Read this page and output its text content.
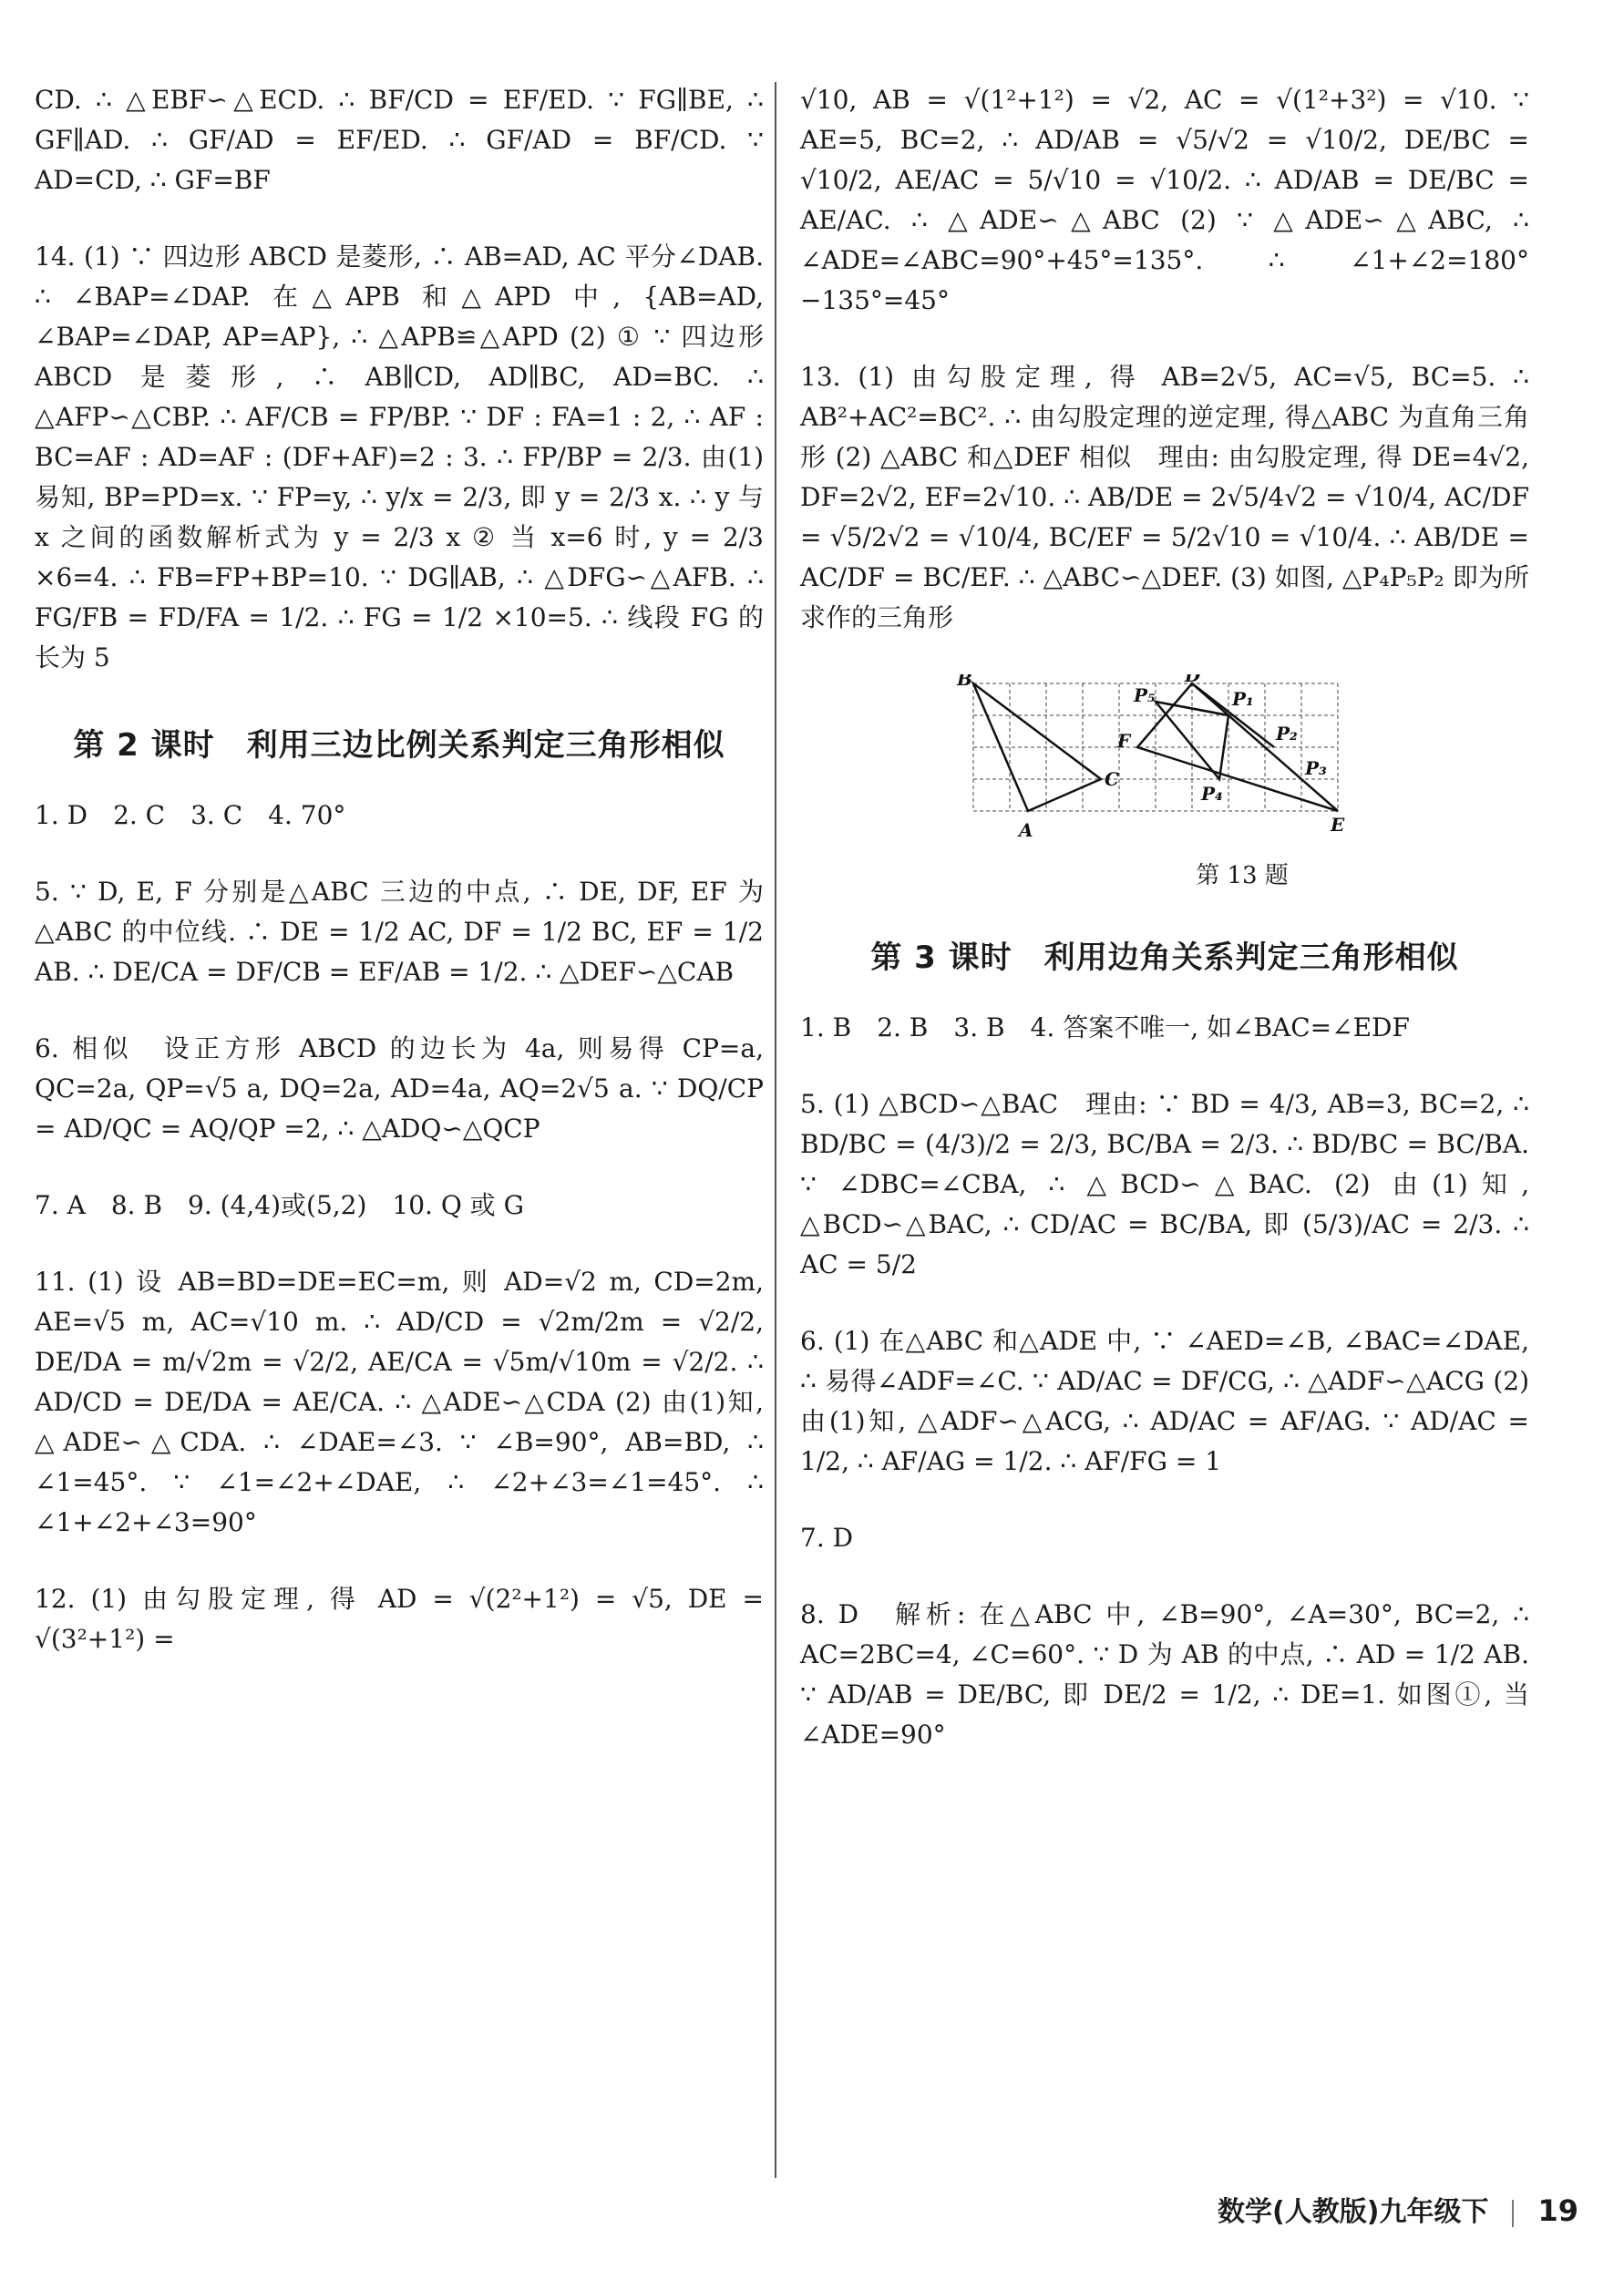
CD. ∴ △EBF∽△ECD. ∴ BF/CD = EF/ED. ∵ FG∥BE, ∴ GF∥AD. ∴ GF/AD = EF/ED. ∴ GF/AD = BF/CD. ∵ AD=CD, ∴ GF=BF

14. (1) ∵ 四边形 ABCD 是菱形, ∴ AB=AD, AC 平分∠DAB. ∴ ∠BAP=∠DAP. 在△APB 和△APD 中, {AB=AD, ∠BAP=∠DAP, AP=AP}, ∴ △APB≌△APD (2) ① ∵ 四边形 ABCD 是菱形, ∴ AB∥CD, AD∥BC, AD=BC. ∴ △AFP∽△CBP. ∴ AF/CB = FP/BP. ∵ DF : FA=1 : 2, ∴ AF : BC=AF : AD=AF : (DF+AF)=2 : 3. ∴ FP/BP = 2/3. 由(1)易知, BP=PD=x. ∵ FP=y, ∴ y/x = 2/3, 即 y = 2/3 x. ∴ y 与 x 之间的函数解析式为 y = 2/3 x ② 当 x=6 时, y = 2/3 ×6=4. ∴ FB=FP+BP=10. ∵ DG∥AB, ∴ △DFG∽△AFB. ∴ FG/FB = FD/FA = 1/2. ∴ FG = 1/2 ×10=5. ∴ 线段 FG 的长为 5

第 2 课时　利用三边比例关系判定三角形相似

1. D　2. C　3. C　4. 70°

5. ∵ D, E, F 分别是△ABC 三边的中点, ∴ DE, DF, EF 为△ABC 的中位线. ∴ DE = 1/2 AC, DF = 1/2 BC, EF = 1/2 AB. ∴ DE/CA = DF/CB = EF/AB = 1/2. ∴ △DEF∽△CAB

6. 相似　设正方形 ABCD 的边长为 4a, 则易得 CP=a, QC=2a, QP=√5 a, DQ=2a, AD=4a, AQ=2√5 a. ∵ DQ/CP = AD/QC = AQ/QP =2, ∴ △ADQ∽△QCP

7. A　8. B　9. (4,4)或(5,2)　10. Q 或 G

11. (1) 设 AB=BD=DE=EC=m, 则 AD=√2 m, CD=2m, AE=√5 m, AC=√10 m. ∴ AD/CD = √2m/2m = √2/2, DE/DA = m/√2m = √2/2, AE/CA = √5m/√10m = √2/2. ∴ AD/CD = DE/DA = AE/CA. ∴ △ADE∽△CDA (2) 由(1)知, △ADE∽△CDA. ∴ ∠DAE=∠3. ∵ ∠B=90°, AB=BD, ∴ ∠1=45°. ∵ ∠1=∠2+∠DAE, ∴ ∠2+∠3=∠1=45°. ∴ ∠1+∠2+∠3=90°

12. (1) 由勾股定理, 得 AD = √(2²+1²) = √5, DE = √(3²+1²) =

√10, AB = √(1²+1²) = √2, AC = √(1²+3²) = √10. ∵ AE=5, BC=2, ∴ AD/AB = √5/√2 = √10/2, DE/BC = √10/2, AE/AC = 5/√10 = √10/2. ∴ AD/AB = DE/BC = AE/AC. ∴ △ADE∽△ABC (2) ∵ △ADE∽△ABC, ∴ ∠ADE=∠ABC=90°+45°=135°. ∴ ∠1+∠2=180°−135°=45°

13. (1) 由勾股定理, 得 AB=2√5, AC=√5, BC=5. ∴ AB²+AC²=BC². ∴ 由勾股定理的逆定理, 得△ABC 为直角三角形 (2) △ABC 和△DEF 相似　理由: 由勾股定理, 得 DE=4√2, DF=2√2, EF=2√10. ∴ AB/DE = 2√5/4√2 = √10/4, AC/DF = √5/2√2 = √10/4, BC/EF = 5/2√10 = √10/4. ∴ AB/DE = AC/DF = BC/EF. ∴ △ABC∽△DEF. (3) 如图, △P₄P₅P₂ 即为所求作的三角形

B
A
C
D
F
E
P₁
P₂
P₃
P₄
P₅
第 13 题
第 3 课时　利用边角关系判定三角形相似

1. B　2. B　3. B　4. 答案不唯一, 如∠BAC=∠EDF

5. (1) △BCD∽△BAC　理由: ∵ BD = 4/3, AB=3, BC=2, ∴ BD/BC = (4/3)/2 = 2/3, BC/BA = 2/3. ∴ BD/BC = BC/BA. ∵ ∠DBC=∠CBA, ∴ △BCD∽△BAC. (2) 由(1)知, △BCD∽△BAC, ∴ CD/AC = BC/BA, 即 (5/3)/AC = 2/3. ∴ AC = 5/2

6. (1) 在△ABC 和△ADE 中, ∵ ∠AED=∠B, ∠BAC=∠DAE, ∴ 易得∠ADF=∠C. ∵ AD/AC = DF/CG, ∴ △ADF∽△ACG (2) 由(1)知, △ADF∽△ACG, ∴ AD/AC = AF/AG. ∵ AD/AC = 1/2, ∴ AF/AG = 1/2. ∴ AF/FG = 1

7. D

8. D　解析: 在△ABC 中, ∠B=90°, ∠A=30°, BC=2, ∴ AC=2BC=4, ∠C=60°. ∵ D 为 AB 的中点, ∴ AD = 1/2 AB. ∵ AD/AB = DE/BC, 即 DE/2 = 1/2, ∴ DE=1. 如图①, 当∠ADE=90°

数学(人教版)九年级下 19
